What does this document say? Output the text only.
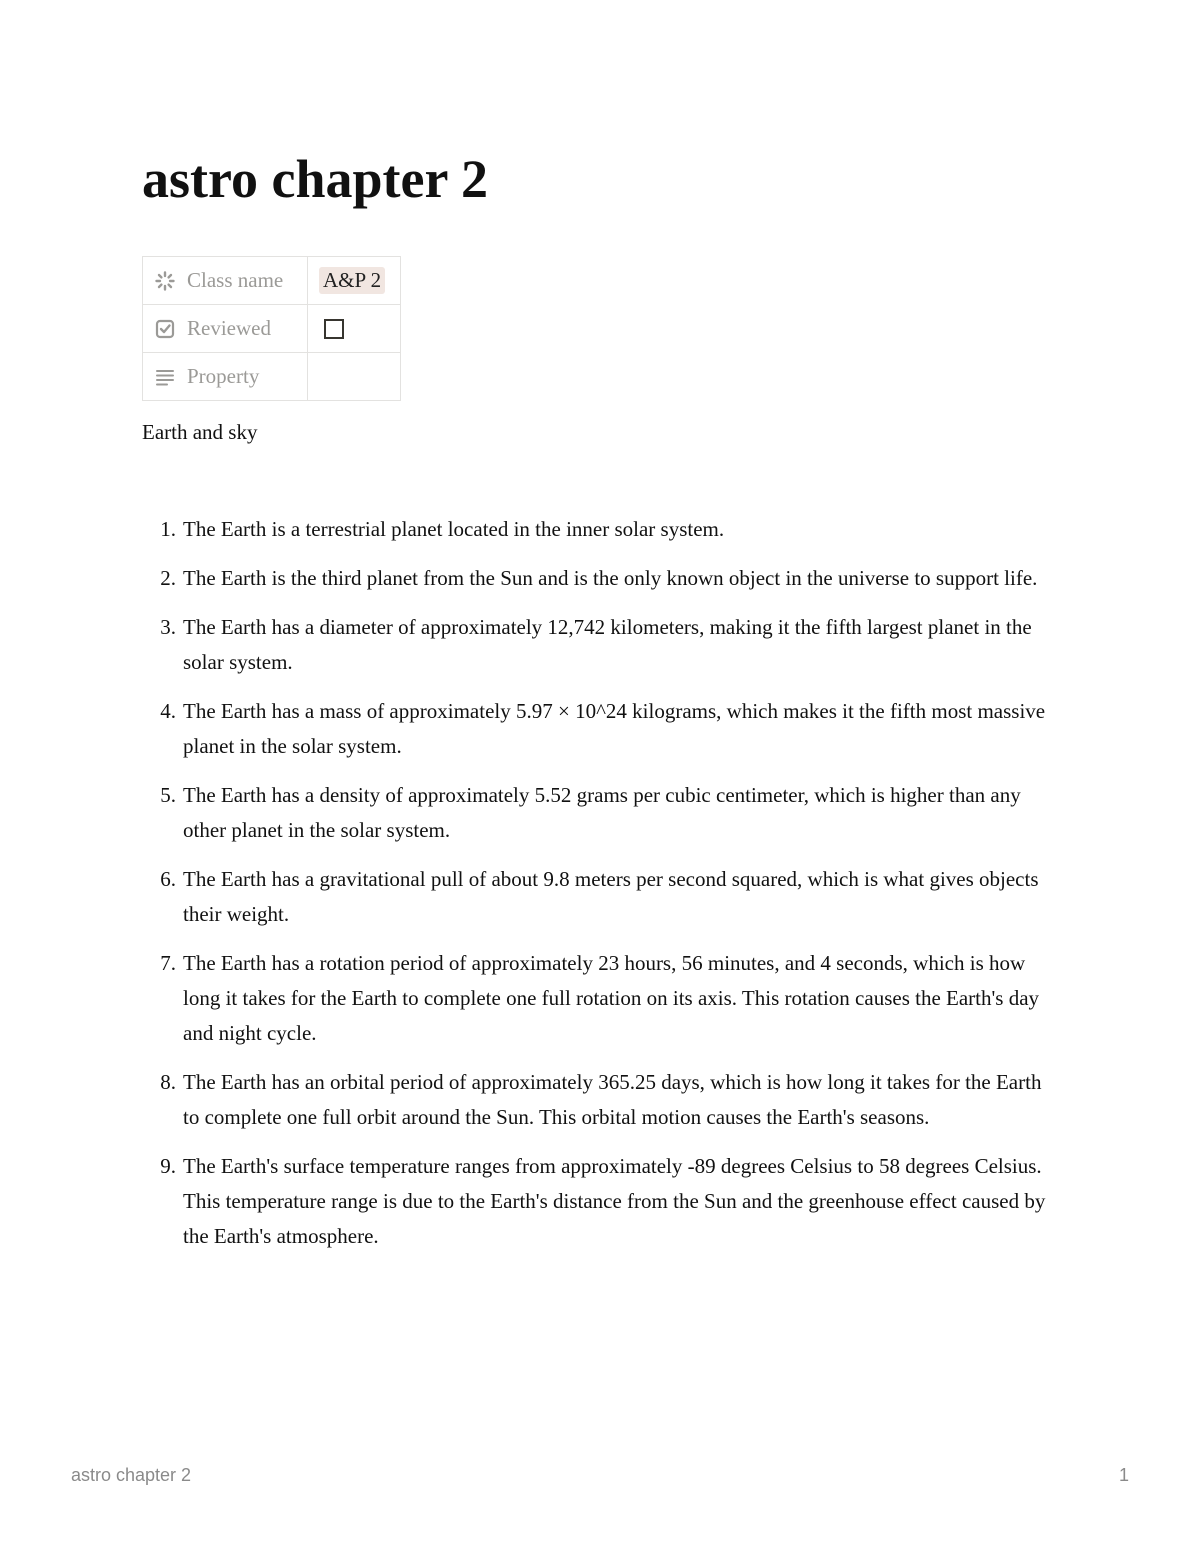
astro chapter 2
Class name	A&P 2

Reviewed	

Property	

Earth and sky

1. The Earth is a terrestrial planet located in the inner solar system.
2. The Earth is the third planet from the Sun and is the only known object in the universe to support life.
3. The Earth has a diameter of approximately 12,742 kilometers, making it the fifth largest planet in the solar system.
4. The Earth has a mass of approximately 5.97 × 10^24 kilograms, which makes it the fifth most massive planet in the solar system.
5. The Earth has a density of approximately 5.52 grams per cubic centimeter, which is higher than any other planet in the solar system.
6. The Earth has a gravitational pull of about 9.8 meters per second squared, which is what gives objects their weight.
7. The Earth has a rotation period of approximately 23 hours, 56 minutes, and 4 seconds, which is how long it takes for the Earth to complete one full rotation on its axis. This rotation causes the Earth's day and night cycle.
8. The Earth has an orbital period of approximately 365.25 days, which is how long it takes for the Earth to complete one full orbit around the Sun. This orbital motion causes the Earth's seasons.
9. The Earth's surface temperature ranges from approximately -89 degrees Celsius to 58 degrees Celsius. This temperature range is due to the Earth's distance from the Sun and the greenhouse effect caused by the Earth's atmosphere.
astro chapter 2	1
